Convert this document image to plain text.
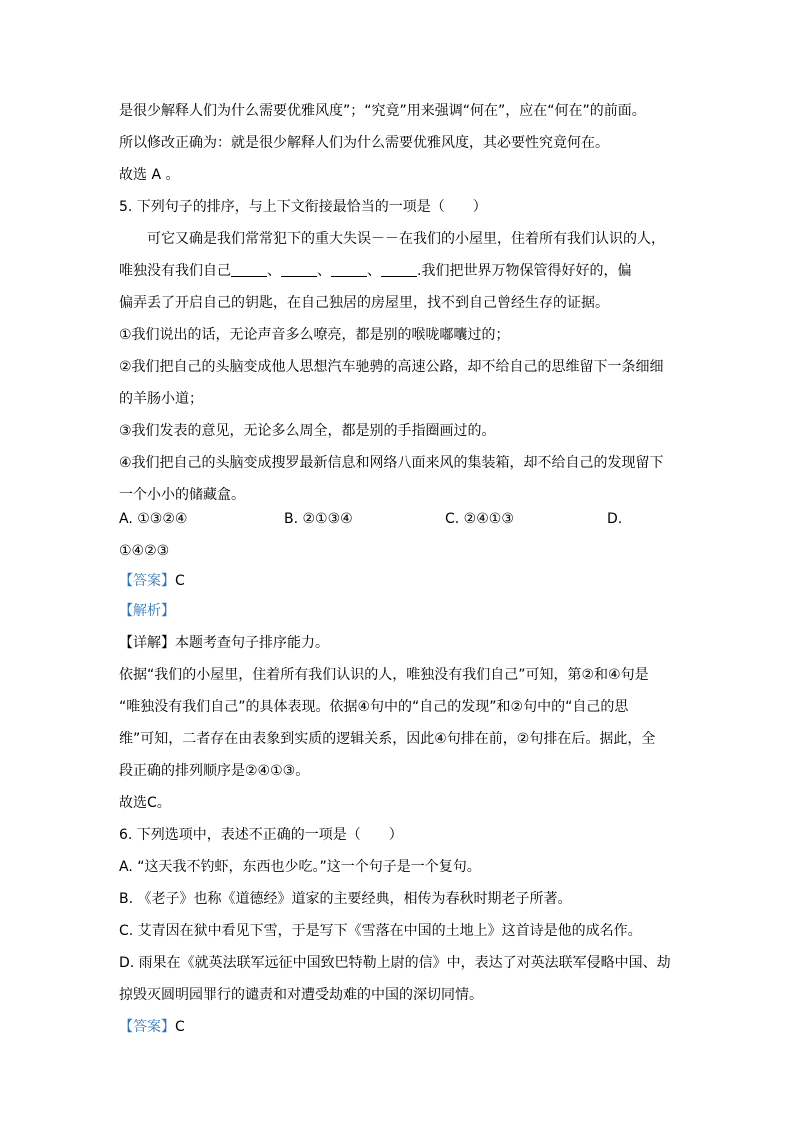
是很少解释人们为什么需要优雅风度”；“究竟”用来强调“何在”，应在“何在”的前面。
所以修改正确为：就是很少解释人们为什么需要优雅风度，其必要性究竟何在。
故选 A 。
5. 下列句子的排序，与上下文衔接最恰当的一项是（　　）
可它又确是我们常常犯下的重大失误－－在我们的小屋里，住着所有我们认识的人，
唯独没有我们自己	、	、	、	.我们把世界万物保管得好好的，偏
偏弄丢了开启自己的钥匙，在自己独居的房屋里，找不到自己曾经生存的证据。
①我们说出的话，无论声音多么嘹亮，都是别的喉咙嘟囔过的；
②我们把自己的头脑变成他人思想汽车驰骋的高速公路，却不给自己的思维留下一条细细
的羊肠小道；
③我们发表的意见，无论多么周全，都是别的手指圈画过的。
④我们把自己的头脑变成搜罗最新信息和网络八面来风的集装箱，却不给自己的发现留下
一个小小的储藏盒。
A. ①③②④	B. ②①③④	C. ②④①③	D.
①④②③
【答案】C
【解析】
【详解】本题考查句子排序能力。
依据“我们的小屋里，住着所有我们认识的人，唯独没有我们自己”可知，第②和④句是
“唯独没有我们自己”的具体表现。依据④句中的“自己的发现”和②句中的“自己的思
维”可知，二者存在由表象到实质的逻辑关系，因此④句排在前，②句排在后。据此，全
段正确的排列顺序是②④①③。
故选C。
6. 下列选项中，表述不正确的一项是（　　）
A. “这天我不钓虾，东西也少吃。”这一个句子是一个复句。
B. 《老子》也称《道德经》道家的主要经典，相传为春秋时期老子所著。
C. 艾青因在狱中看见下雪，于是写下《雪落在中国的土地上》这首诗是他的成名作。
D. 雨果在《就英法联军远征中国致巴特勒上尉的信》中，表达了对英法联军侵略中国、劫
掠毁灭圆明园罪行的谴责和对遭受劫难的中国的深切同情。
【答案】C
